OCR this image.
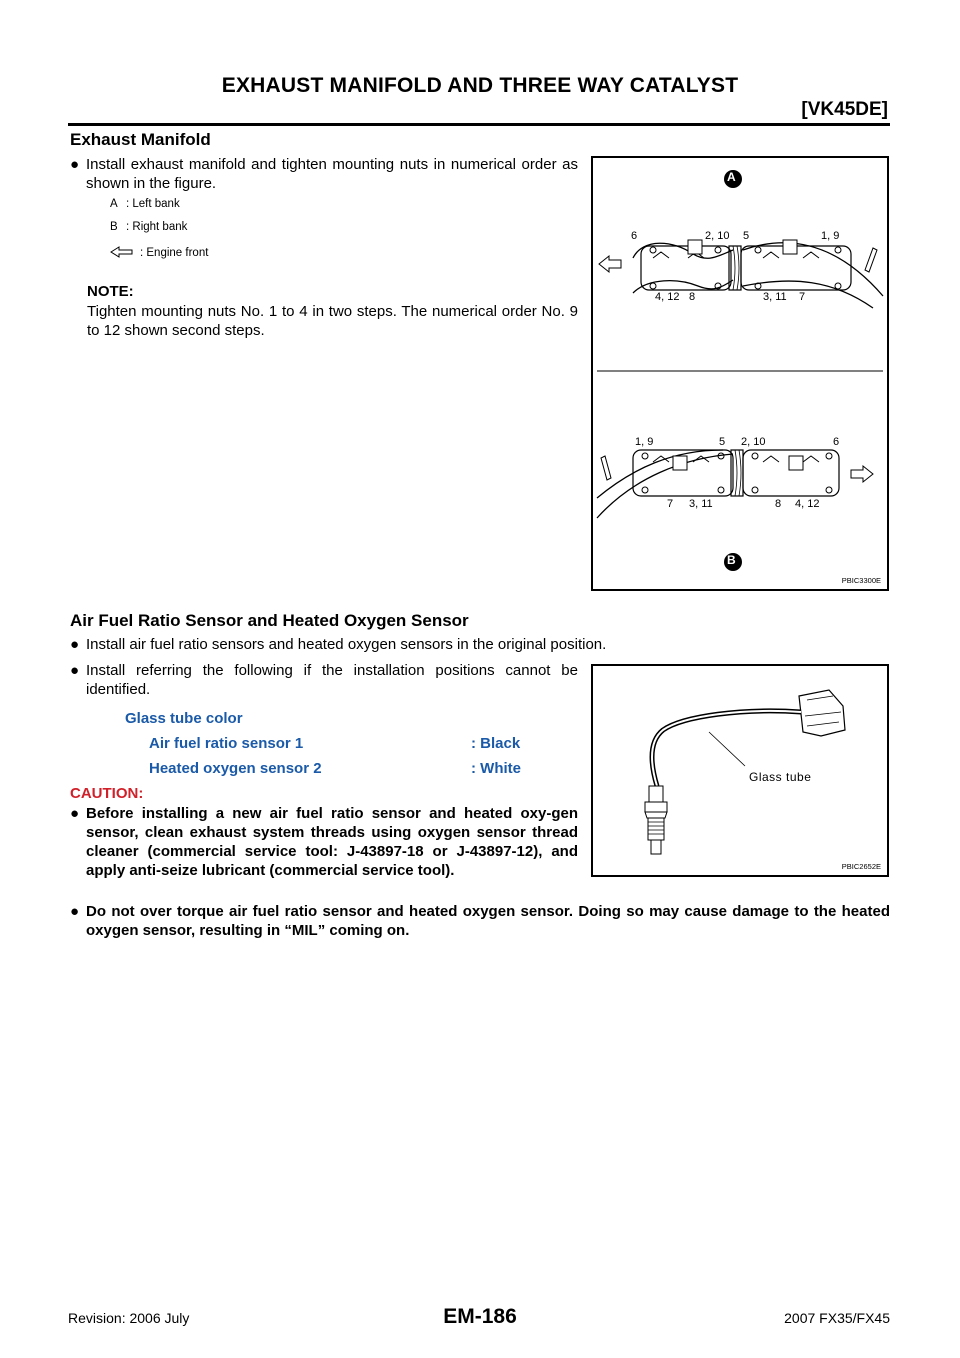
EXHAUST MANIFOLD AND THREE WAY CATALYST
[VK45DE]
Exhaust Manifold
● Install exhaust manifold and tighten mounting nuts in numerical order as shown in the figure.
A : Left bank
B : Right bank
: Engine front
NOTE:
Tighten mounting nuts No. 1 to 4 in two steps. The numerical order No. 9 to 12 shown second steps.
A
B
6	2, 10 5	1, 9
4, 12 8	3, 11 7
1, 9	5 2, 10	6
7 3, 11	8 4, 12
PBIC3300E
Air Fuel Ratio Sensor and Heated Oxygen Sensor
● Install air fuel ratio sensors and heated oxygen sensors in the original position.
● Install referring the following if the installation positions cannot be identified.
Glass tube color
Air fuel ratio sensor 1	: Black
Heated oxygen sensor 2	: White
CAUTION:
● Before installing a new air fuel ratio sensor and heated oxy-gen sensor, clean exhaust system threads using oxygen sensor thread cleaner (commercial service tool: J-43897-18 or J-43897-12), and apply anti-seize lubricant (commercial service tool).
● Do not over torque air fuel ratio sensor and heated oxygen sensor. Doing so may cause damage to the heated oxygen sensor, resulting in “MIL” coming on.
Glass tube
PBIC2652E
Revision: 2006 July	EM-186	2007 FX35/FX45
